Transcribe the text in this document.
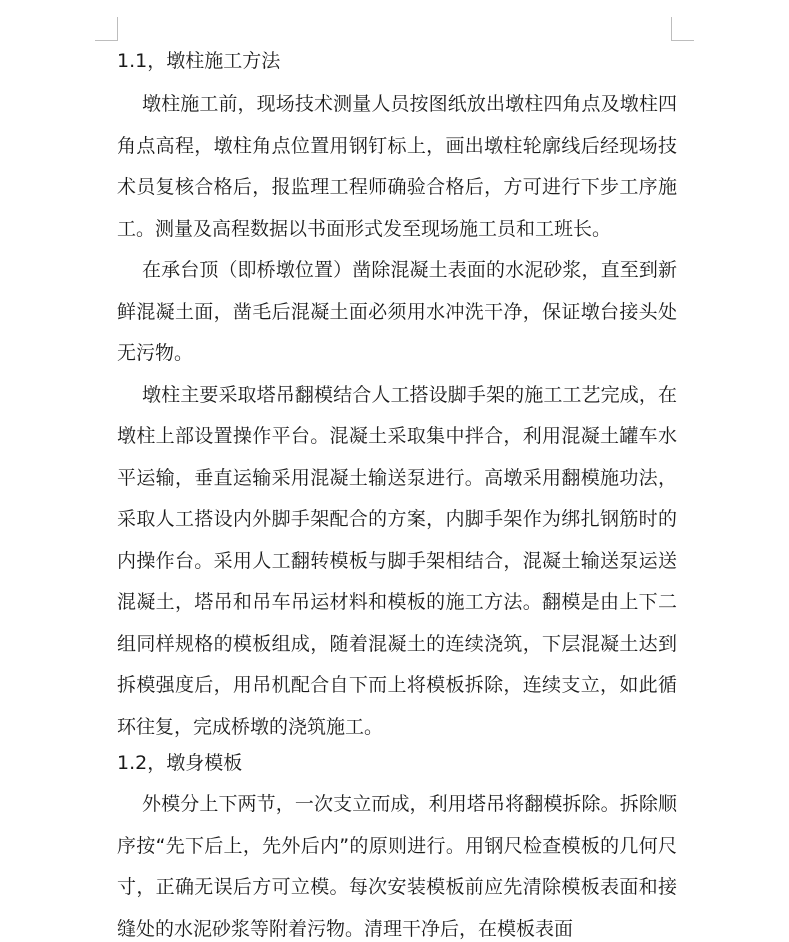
1.1，墩柱施工方法

墩柱施工前，现场技术测量人员按图纸放出墩柱四角点及墩柱四角点高程，墩柱角点位置用钢钉标上，画出墩柱轮廓线后经现场技术员复核合格后，报监理工程师确验合格后，方可进行下步工序施工。测量及高程数据以书面形式发至现场施工员和工班长。

在承台顶（即桥墩位置）凿除混凝土表面的水泥砂浆，直至到新鲜混凝土面，凿毛后混凝土面必须用水冲洗干净，保证墩台接头处无污物。

墩柱主要采取塔吊翻模结合人工搭设脚手架的施工工艺完成，在墩柱上部设置操作平台。混凝土采取集中拌合，利用混凝土罐车水平运输，垂直运输采用混凝土输送泵进行。高墩采用翻模施功法，采取人工搭设内外脚手架配合的方案，内脚手架作为绑扎钢筋时的内操作台。采用人工翻转模板与脚手架相结合，混凝土输送泵运送混凝土，塔吊和吊车吊运材料和模板的施工方法。翻模是由上下二组同样规格的模板组成，随着混凝土的连续浇筑，下层混凝土达到拆模强度后，用吊机配合自下而上将模板拆除，连续支立，如此循环往复，完成桥墩的浇筑施工。

1.2，墩身模板

外模分上下两节，一次支立而成，利用塔吊将翻模拆除。拆除顺序按“先下后上，先外后内”的原则进行。用钢尺检查模板的几何尺寸，正确无误后方可立模。每次安装模板前应先清除模板表面和接缝处的水泥砂浆等附着污物。清理干净后，在模板表面
